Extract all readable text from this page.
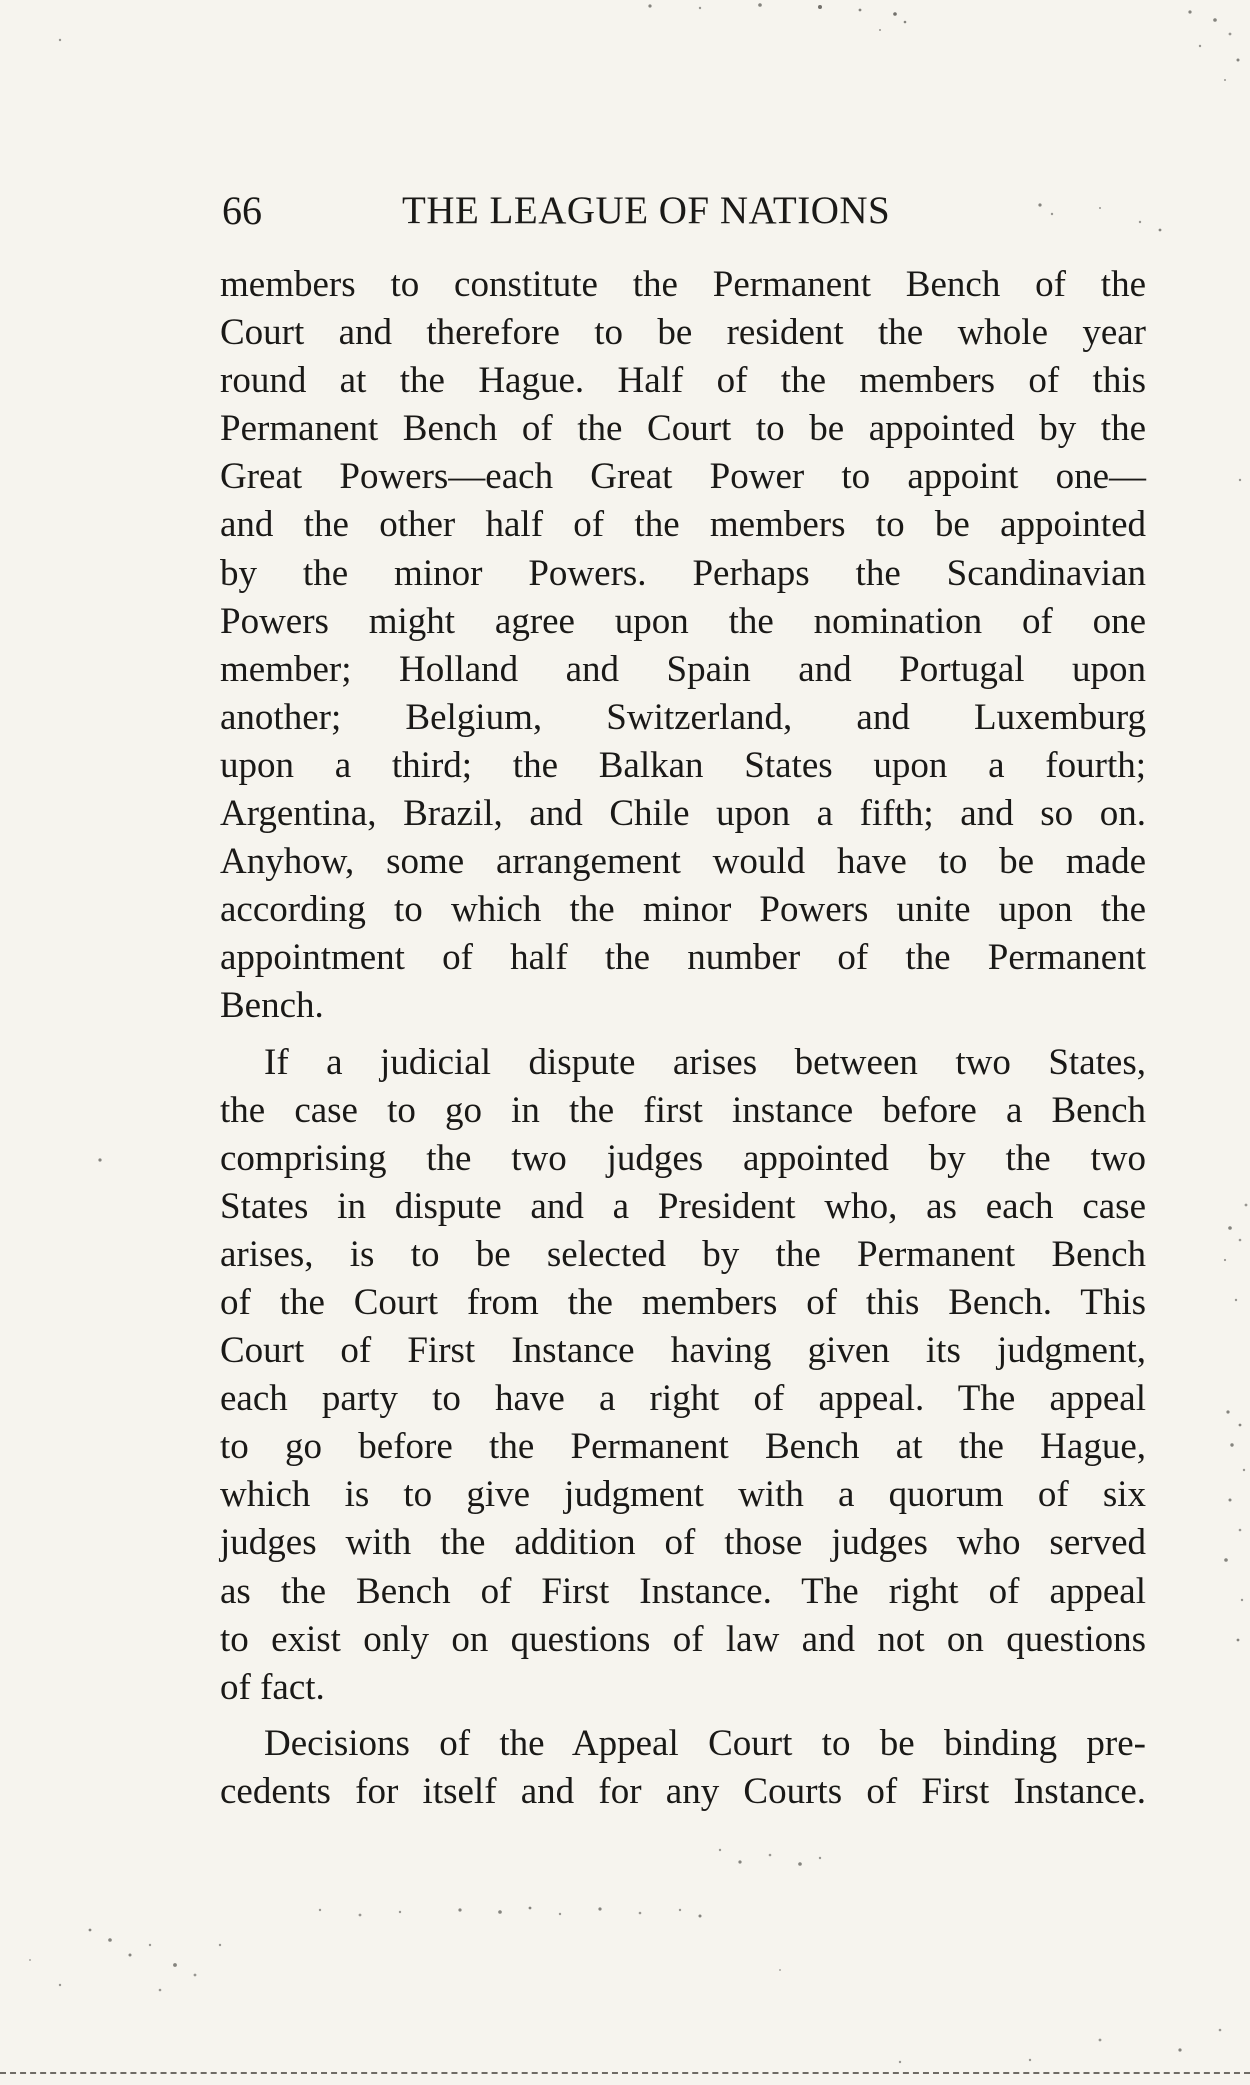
66	THE LEAGUE OF NATIONS

members to constitute the Permanent Bench of the
Court and therefore to be resident the whole year
round at the Hague. Half of the members of this
Permanent Bench of the Court to be appointed by the
Great Powers—each Great Power to appoint one—
and the other half of the members to be appointed
by the minor Powers. Perhaps the Scandinavian
Powers might agree upon the nomination of one
member; Holland and Spain and Portugal upon
another; Belgium, Switzerland, and Luxemburg
upon a third; the Balkan States upon a fourth;
Argentina, Brazil, and Chile upon a fifth; and so on.
Anyhow, some arrangement would have to be made
according to which the minor Powers unite upon the
appointment of half the number of the Permanent
Bench.

If a judicial dispute arises between two States,
the case to go in the first instance before a Bench
comprising the two judges appointed by the two
States in dispute and a President who, as each case
arises, is to be selected by the Permanent Bench
of the Court from the members of this Bench. This
Court of First Instance having given its judgment,
each party to have a right of appeal. The appeal
to go before the Permanent Bench at the Hague,
which is to give judgment with a quorum of six
judges with the addition of those judges who served
as the Bench of First Instance. The right of appeal
to exist only on questions of law and not on questions
of fact.

Decisions of the Appeal Court to be binding pre-
cedents for itself and for any Courts of First Instance.
